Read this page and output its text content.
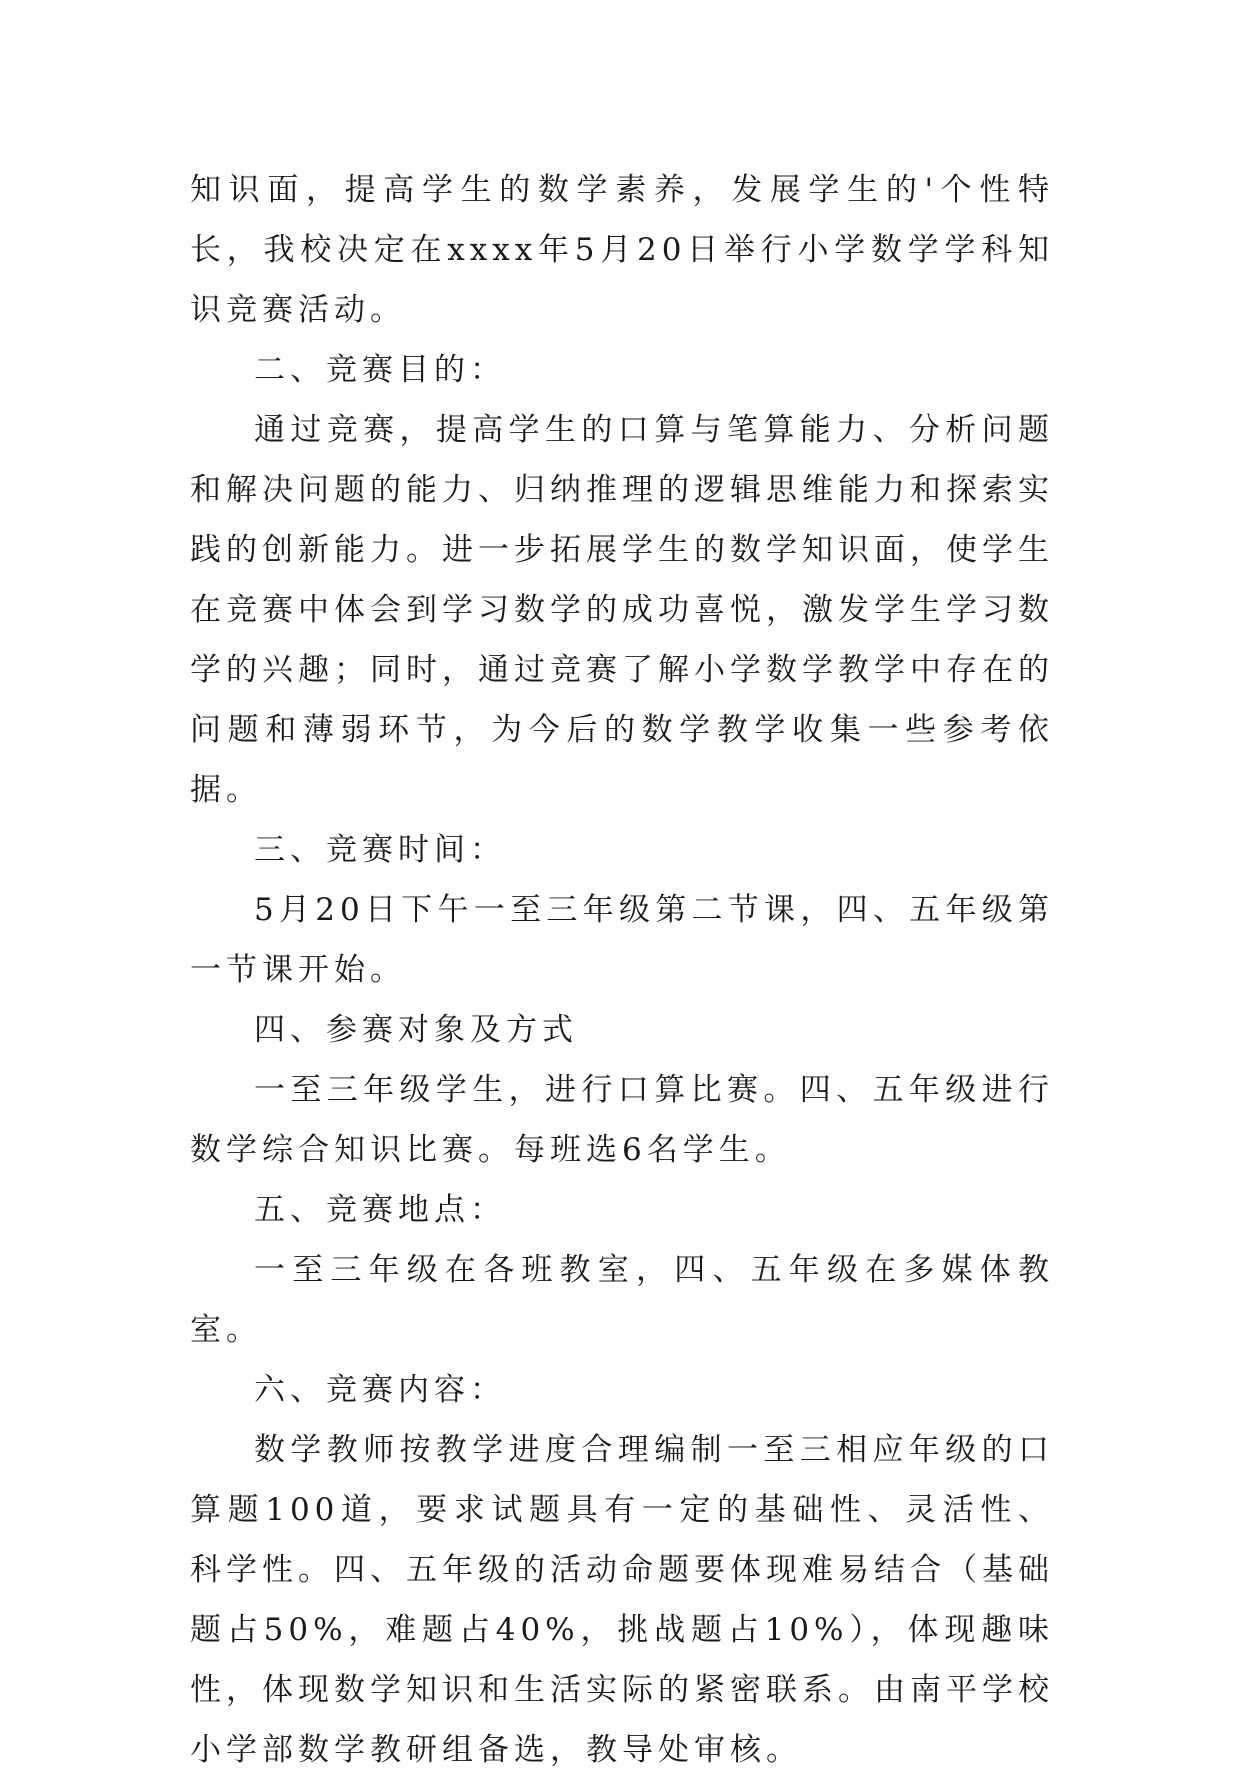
知识面，提高学生的数学素养，发展学生的'个性特长，我校决定在xxxx年5月20日举行小学数学学科知识竞赛活动。

二、竞赛目的：

通过竞赛，提高学生的口算与笔算能力、分析问题和解决问题的能力、归纳推理的逻辑思维能力和探索实践的创新能力。进一步拓展学生的数学知识面，使学生在竞赛中体会到学习数学的成功喜悦，激发学生学习数学的兴趣；同时，通过竞赛了解小学数学教学中存在的问题和薄弱环节，为今后的数学教学收集一些参考依据。

三、竞赛时间：

5月20日下午一至三年级第二节课，四、五年级第一节课开始。

四、参赛对象及方式

一至三年级学生，进行口算比赛。四、五年级进行数学综合知识比赛。每班选6名学生。

五、竞赛地点：

一至三年级在各班教室，四、五年级在多媒体教室。

六、竞赛内容：

数学教师按教学进度合理编制一至三相应年级的口算题100道，要求试题具有一定的基础性、灵活性、科学性。四、五年级的活动命题要体现难易结合（基础题占50%，难题占40%，挑战题占10%），体现趣味性，体现数学知识和生活实际的紧密联系。由南平学校小学部数学教研组备选，教导处审核。
